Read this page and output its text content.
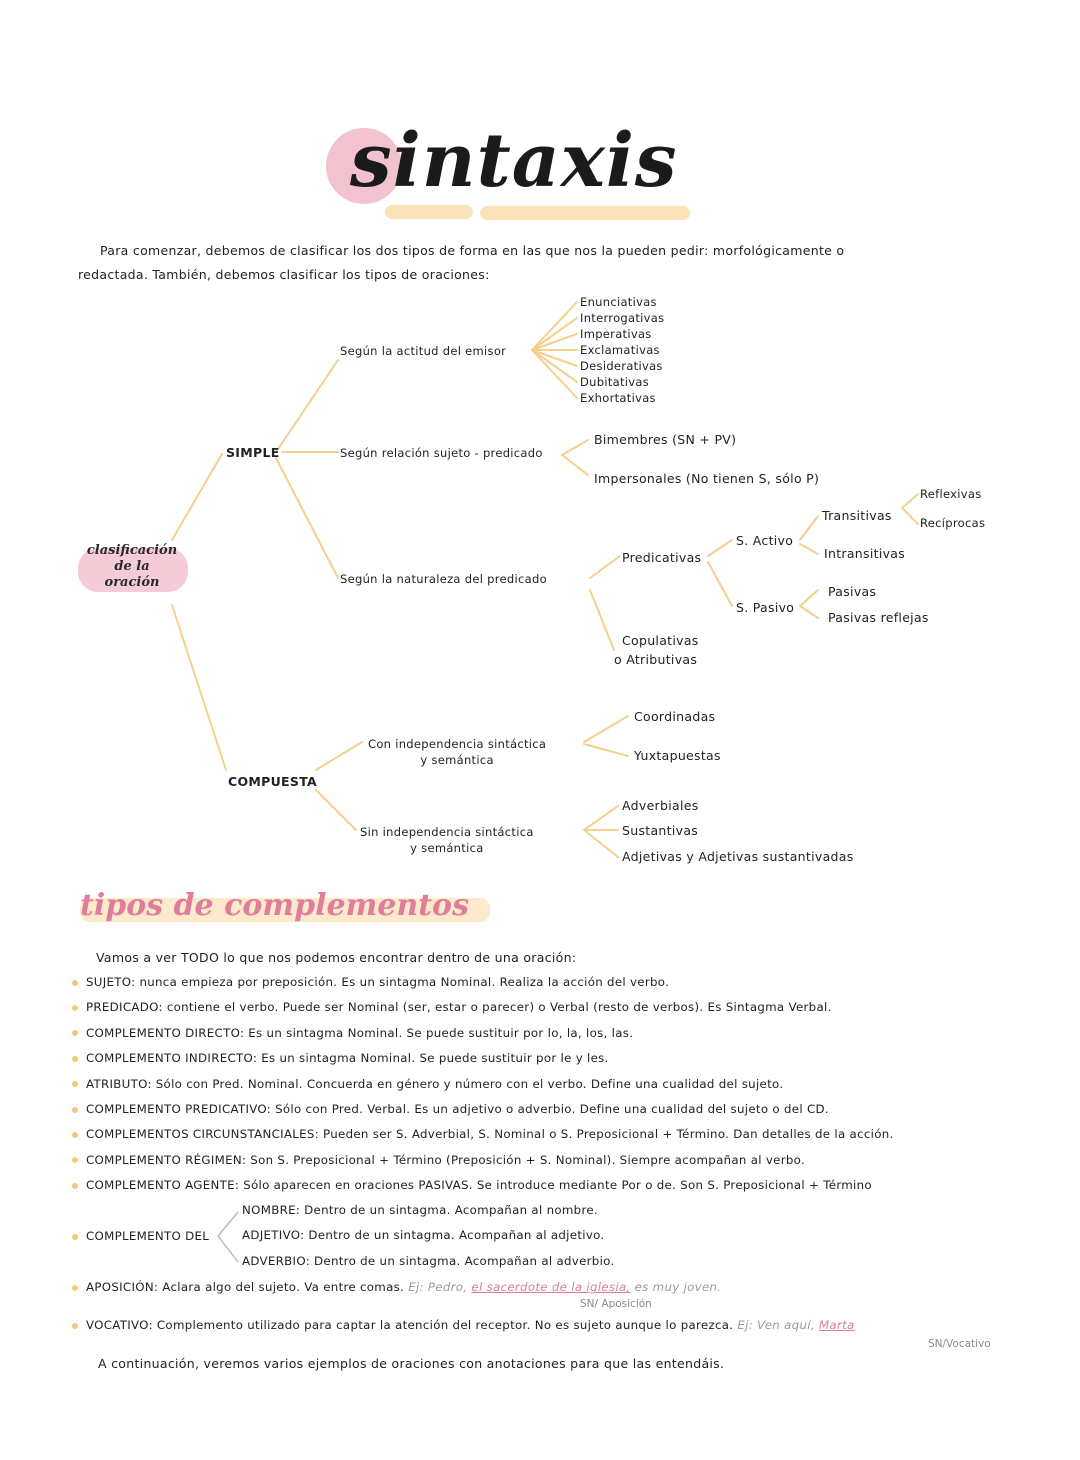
sintaxis
Para comenzar, debemos de clasificar los dos tipos de forma en las que nos la pueden pedir: morfológicamente o
redactada. También, debemos clasificar los tipos de oraciones:
clasificación
de la
oración
SIMPLE
COMPUESTA
Según la actitud del emisor
Enunciativas
Interrogativas
Imperativas
Exclamativas
Desiderativas
Dubitativas
Exhortativas
Según relación sujeto - predicado
Bimembres (SN + PV)
Impersonales (No tienen S, sólo P)
Según la naturaleza del predicado
Predicativas
S. Activo
Transitivas
Reflexivas
Recíprocas
Intransitivas
S. Pasivo
Pasivas
Pasivas reflejas
Copulativas
o Atributivas
Con independencia sintáctica
y semántica
Coordinadas
Yuxtapuestas
Sin independencia sintáctica
y semántica
Adverbiales
Sustantivas
Adjetivas y Adjetivas sustantivadas
tipos de complementos
Vamos a ver TODO lo que nos podemos encontrar dentro de una oración:
SUJETO: nunca empieza por preposición. Es un sintagma Nominal. Realiza la acción del verbo.
PREDICADO: contiene el verbo. Puede ser Nominal (ser, estar o parecer) o Verbal (resto de verbos). Es Sintagma Verbal.
COMPLEMENTO DIRECTO: Es un sintagma Nominal. Se puede sustituir por lo, la, los, las.
COMPLEMENTO INDIRECTO: Es un sintagma Nominal. Se puede sustituir por le y les.
ATRIBUTO: Sólo con Pred. Nominal. Concuerda en género y número con el verbo. Define una cualidad del sujeto.
COMPLEMENTO PREDICATIVO: Sólo con Pred. Verbal. Es un adjetivo o adverbio. Define una cualidad del sujeto o del CD.
COMPLEMENTOS CIRCUNSTANCIALES: Pueden ser S. Adverbial, S. Nominal o S. Preposicional + Término. Dan detalles de la acción.
COMPLEMENTO RÉGIMEN: Son S. Preposicional + Término (Preposición + S. Nominal). Siempre acompañan al verbo.
COMPLEMENTO AGENTE: Sólo aparecen en oraciones PASIVAS. Se introduce mediante Por o de. Son S. Preposicional + Término
COMPLEMENTO DEL
NOMBRE: Dentro de un sintagma. Acompañan al nombre.
ADJETIVO: Dentro de un sintagma. Acompañan al adjetivo.
ADVERBIO: Dentro de un sintagma. Acompañan al adverbio.
APOSICIÓN: Aclara algo del sujeto. Va entre comas. Ej: Pedro, el sacerdote de la iglesia, es muy joven.
SN/ Aposición
VOCATIVO: Complemento utilizado para captar la atención del receptor. No es sujeto aunque lo parezca. Ej: Ven aquí, Marta
SN/Vocativo
A continuación, veremos varios ejemplos de oraciones con anotaciones para que las entendáis.
